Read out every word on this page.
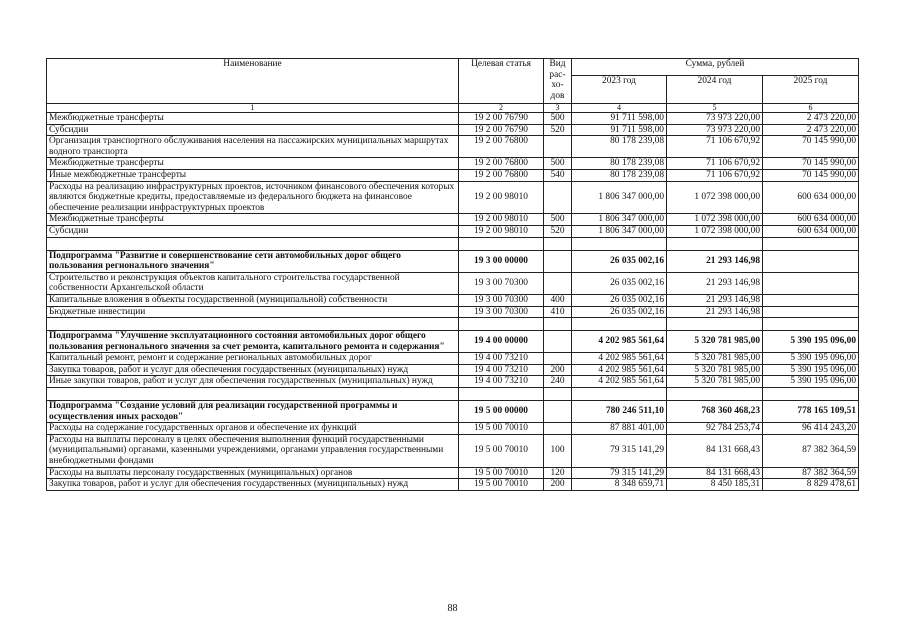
Наименование	Целевая статья	Вид рас- хо- дов	Сумма, рублей		
			2023 год	2024 год	2025 год
1	2	3	4	5	6
Межбюджетные трансферты	19 2 00 76790	500	91 711 598,00	73 973 220,00	2 473 220,00
Субсидии	19 2 00 76790	520	91 711 598,00	73 973 220,00	2 473 220,00
Организация транспортного обслуживания населения на пассажирских муниципальных маршрутах водного транспорта	19 2 00 76800		80 178 239,08	71 106 670,92	70 145 990,00
Межбюджетные трансферты	19 2 00 76800	500	80 178 239,08	71 106 670,92	70 145 990,00
Иные межбюджетные трансферты	19 2 00 76800	540	80 178 239,08	71 106 670,92	70 145 990,00
Расходы на реализацию инфраструктурных проектов, источником финансового обеспечения которых являются бюджетные кредиты, предоставляемые из федерального бюджета на финансовое обеспечение реализации инфраструктурных проектов	19 2 00 98010		1 806 347 000,00	1 072 398 000,00	600 634 000,00
Межбюджетные трансферты	19 2 00 98010	500	1 806 347 000,00	1 072 398 000,00	600 634 000,00
Субсидии	19 2 00 98010	520	1 806 347 000,00	1 072 398 000,00	600 634 000,00

Подпрограмма "Развитие и совершенствование сети автомобильных дорог общего пользования регионального значения"	19 3 00 00000		26 035 002,16	21 293 146,98	
Строительство и реконструкция объектов капитального строительства государственной собственности Архангельской области	19 3 00 70300		26 035 002,16	21 293 146,98	
Капитальные вложения в объекты государственной (муниципальной) собственности	19 3 00 70300	400	26 035 002,16	21 293 146,98	
Бюджетные инвестиции	19 3 00 70300	410	26 035 002,16	21 293 146,98	

Подпрограмма "Улучшение эксплуатационного состояния автомобильных дорог общего пользования регионального значения за счет ремонта, капитального ремонта и содержания"	19 4 00 00000		4 202 985 561,64	5 320 781 985,00	5 390 195 096,00
Капитальный ремонт, ремонт и содержание региональных автомобильных дорог	19 4 00 73210		4 202 985 561,64	5 320 781 985,00	5 390 195 096,00
Закупка товаров, работ и услуг для обеспечения государственных (муниципальных) нужд	19 4 00 73210	200	4 202 985 561,64	5 320 781 985,00	5 390 195 096,00
Иные закупки товаров, работ и услуг для обеспечения государственных (муниципальных) нужд	19 4 00 73210	240	4 202 985 561,64	5 320 781 985,00	5 390 195 096,00

Подпрограмма "Создание условий для реализации государственной программы и осуществления иных расходов"	19 5 00 00000		780 246 511,10	768 360 468,23	778 165 109,51
Расходы на содержание государственных органов и обеспечение их функций	19 5 00 70010		87 881 401,00	92 784 253,74	96 414 243,20
Расходы на выплаты персоналу в целях обеспечения выполнения функций государственными (муниципальными) органами, казенными учреждениями, органами управления государственными внебюджетными фондами	19 5 00 70010	100	79 315 141,29	84 131 668,43	87 382 364,59
Расходы на выплаты персоналу государственных (муниципальных) органов	19 5 00 70010	120	79 315 141,29	84 131 668,43	87 382 364,59
Закупка товаров, работ и услуг для обеспечения государственных (муниципальных) нужд	19 5 00 70010	200	8 348 659,71	8 450 185,31	8 829 478,61
88
